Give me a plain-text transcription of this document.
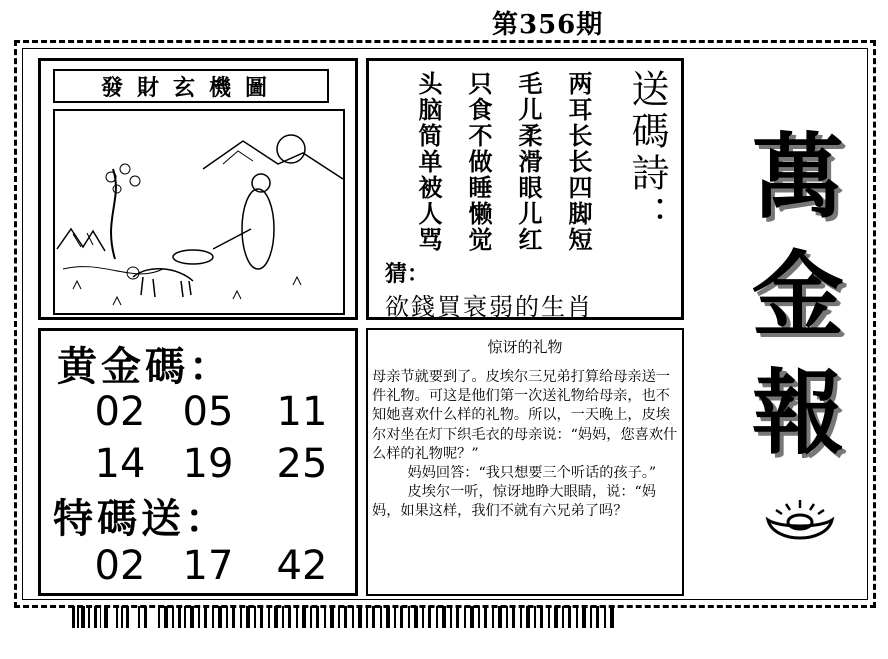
第356期
發財玄機圖	两耳长长四脚短
毛儿柔滑眼儿红
只食不做睡懒觉
头脑简单被人骂	送碼詩：
猜：
欲錢買衰弱的生肖
黄金碼：
02 05 11
14 19 25
特碼送：
02 17 42
惊讶的礼物

母亲节就要到了。皮埃尔三兄弟打算给母亲送一件礼物。可这是他们第一次送礼物给母亲，也不知她喜欢什么样的礼物。所以，一天晚上，皮埃尔对坐在灯下织毛衣的母亲说：“妈妈，您喜欢什么样的礼物呢？”

妈妈回答：“我只想要三个听话的孩子。”

皮埃尔一听，惊讶地睁大眼睛，说：“妈妈，如果这样，我们不就有六兄弟了吗？

萬
金
報
